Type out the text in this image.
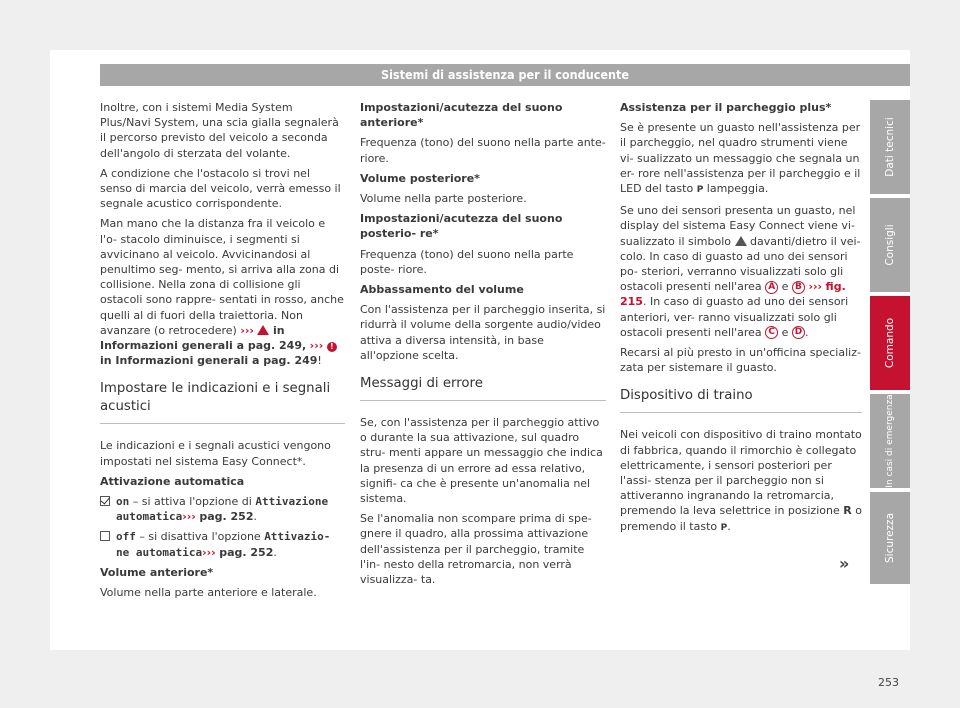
Sistemi di assistenza per il conducente

Inoltre, con i sistemi Media System Plus/Navi System, una scia gialla segnalerà il percorso previsto del veicolo a seconda dell'angolo di sterzata del volante.

A condizione che l'ostacolo si trovi nel senso di marcia del veicolo, verrà emesso il segnale acustico corrispondente.

Man mano che la distanza fra il veicolo e l'o- stacolo diminuisce, i segmenti si avvicinano al veicolo. Avvicinandosi al penultimo seg- mento, si arriva alla zona di collisione. Nella zona di collisione gli ostacoli sono rappre- sentati in rosso, anche quelli al di fuori della traiettoria. Non avanzare (o retrocedere) ››› in Informazioni generali a pag. 249, ››› ! in Informazioni generali a pag. 249!

Impostare le indicazioni e i segnali acustici

Le indicazioni e i segnali acustici vengono impostati nel sistema Easy Connect*.

Attivazione automatica

on – si attiva l'opzione di Attivazione automatica››› pag. 252.

off – si disattiva l'opzione Attivazio- ne automatica››› pag. 252.

Volume anteriore*

Volume nella parte anteriore e laterale.

Impostazioni/acutezza del suono anteriore*

Frequenza (tono) del suono nella parte ante- riore.

Volume posteriore*

Volume nella parte posteriore.

Impostazioni/acutezza del suono posterio- re*

Frequenza (tono) del suono nella parte poste- riore.

Abbassamento del volume

Con l'assistenza per il parcheggio inserita, si ridurrà il volume della sorgente audio/video attiva a diversa intensità, in base all'opzione scelta.

Messaggi di errore

Se, con l'assistenza per il parcheggio attivo o durante la sua attivazione, sul quadro stru- menti appare un messaggio che indica la presenza di un errore ad essa relativo, signifi- ca che è presente un'anomalia nel sistema.

Se l'anomalia non scompare prima di spe- gnere il quadro, alla prossima attivazione dell'assistenza per il parcheggio, tramite l'in- nesto della retromarcia, non verrà visualizza- ta.

Assistenza per il parcheggio plus*

Se è presente un guasto nell'assistenza per il parcheggio, nel quadro strumenti viene vi- sualizzato un messaggio che segnala un er- rore nell'assistenza per il parcheggio e il LED del tasto P lampeggia.

Se uno dei sensori presenta un guasto, nel display del sistema Easy Connect viene vi- sualizzato il simbolo  davanti/dietro il vei- colo. In caso di guasto ad uno dei sensori po- steriori, verranno visualizzati solo gli ostacoli presenti nell'area A e B ››› fig. 215. In caso di guasto ad uno dei sensori anteriori, ver- ranno visualizzati solo gli ostacoli presenti nell'area C e D .

Recarsi al più presto in un'officina specializ- zata per sistemare il guasto.

Dispositivo di traino

Nei veicoli con dispositivo di traino montato di fabbrica, quando il rimorchio è collegato elettricamente, i sensori posteriori per l'assi- stenza per il parcheggio non si attiveranno ingranando la retromarcia, premendo la leva selettrice in posizione R o premendo il tasto P.

»
Dati tecnici
Consigli
Comando
In casi di emergenza
Sicurezza
253
